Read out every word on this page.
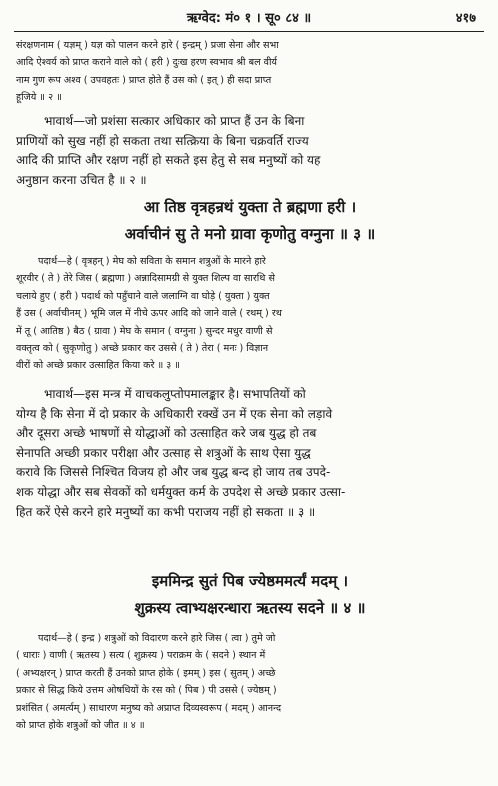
ऋग्वेद: मं० १ । सू० ८४ ॥	४१७
संरक्षणनाम ( यज्ञम् ) यज्ञ को पालन करने हारे ( इन्द्रम् ) प्रजा सेना और सभा
आदि ऐश्वर्य को प्राप्त कराने वाले को ( हरी ) दुःख हरण स्वभाव श्री बल वीर्य
नाम गुण रूप अश्व ( उपवहतः ) प्राप्त होते हैं उस को ( इत् ) ही सदा प्राप्त
हूजिये ॥ २ ॥
भावार्थ—जो प्रशंसा सत्कार अधिकार को प्राप्त हैं उन के बिना
प्राणियों को सुख नहीं हो सकता तथा सत्क्रिया के बिना चक्रवर्ति राज्य
आदि की प्राप्ति और रक्षण नहीं हो सकते इस हेतु से सब मनुष्यों को यह
अनुष्ठान करना उचित है ॥ २ ॥
आ तिष्ठ वृत्रहन्रथं युक्ता ते ब्रह्मणा हरी ।
अर्वाचीनं सु ते मनो ग्रावा कृणोतु वग्नुना ॥ ३ ॥
पदार्थ—हे ( वृत्रहन् ) मेघ को सविता के समान शत्रुओं के मारने हारे
शूरवीर ( ते ) तेरे जिस ( ब्रह्मणा ) अन्नादिसामग्री से युक्त शिल्प वा सारथि से
चलाये हुए ( हरी ) पदार्थ को पहुँचाने वाले जलाग्नि वा घोड़े ( युक्ता ) युक्त
हैं उस ( अर्वाचीनम् ) भूमि जल में नीचे ऊपर आदि को जाने वाले ( रथम् ) रथ
में तू ( आतिष्ठ ) बैठ ( ग्रावा ) मेघ के समान ( वग्नुना ) सुन्दर मधुर वाणी से
वक्तृत्व को ( सुकृणोतु ) अच्छे प्रकार कर उससे ( ते ) तेरा ( मनः ) विज्ञान
वीरों को अच्छे प्रकार उत्साहित किया करे ॥ ३ ॥
भावार्थ—इस मन्त्र में वाचकलुप्तोपमालङ्कार है। सभापतियों को
योग्य है कि सेना में दो प्रकार के अधिकारी रक्खें उन में एक सेना को लड़ावे
और दूसरा अच्छे भाषणों से योद्धाओं को उत्साहित करे जब युद्ध हो तब
सेनापति अच्छी प्रकार परीक्षा और उत्साह से शत्रुओं के साथ ऐसा युद्ध
करावे कि जिससे निश्चित विजय हो और जब युद्ध बन्द हो जाय तब उपदे-
शक योद्धा और सब सेवकों को धर्मयुक्त कर्म के उपदेश से अच्छे प्रकार उत्सा-
हित करें ऐसे करने हारे मनुष्यों का कभी पराजय नहीं हो सकता ॥ ३ ॥
इममिन्द्र सुतं पिब ज्येष्ठममर्त्यं मदम् ।
शुक्रस्य त्वाभ्यक्षरन्धारा ऋतस्य सदने ॥ ४ ॥
पदार्थ—हे ( इन्द्र ) शत्रुओं को विदारण करने हारे जिस ( त्वा ) तुमे जो
( धाराः ) वाणी ( ऋतस्य ) सत्य ( शुक्रस्य ) पराक्रम के ( सदने ) स्थान में
( अभ्यक्षरन् ) प्राप्त करती हैं उनको प्राप्त होके ( इमम् ) इस ( सुतम् ) अच्छे
प्रकार से सिद्ध किये उत्तम ओषधियों के रस को ( पिब ) पी उससे ( ज्येष्ठम् )
प्रशंसित ( अमर्त्यम् ) साधारण मनुष्य को अप्राप्त दिव्यस्वरूप ( मदम् ) आनन्द
को प्राप्त होके शत्रुओं को जीत ॥ ४ ॥
